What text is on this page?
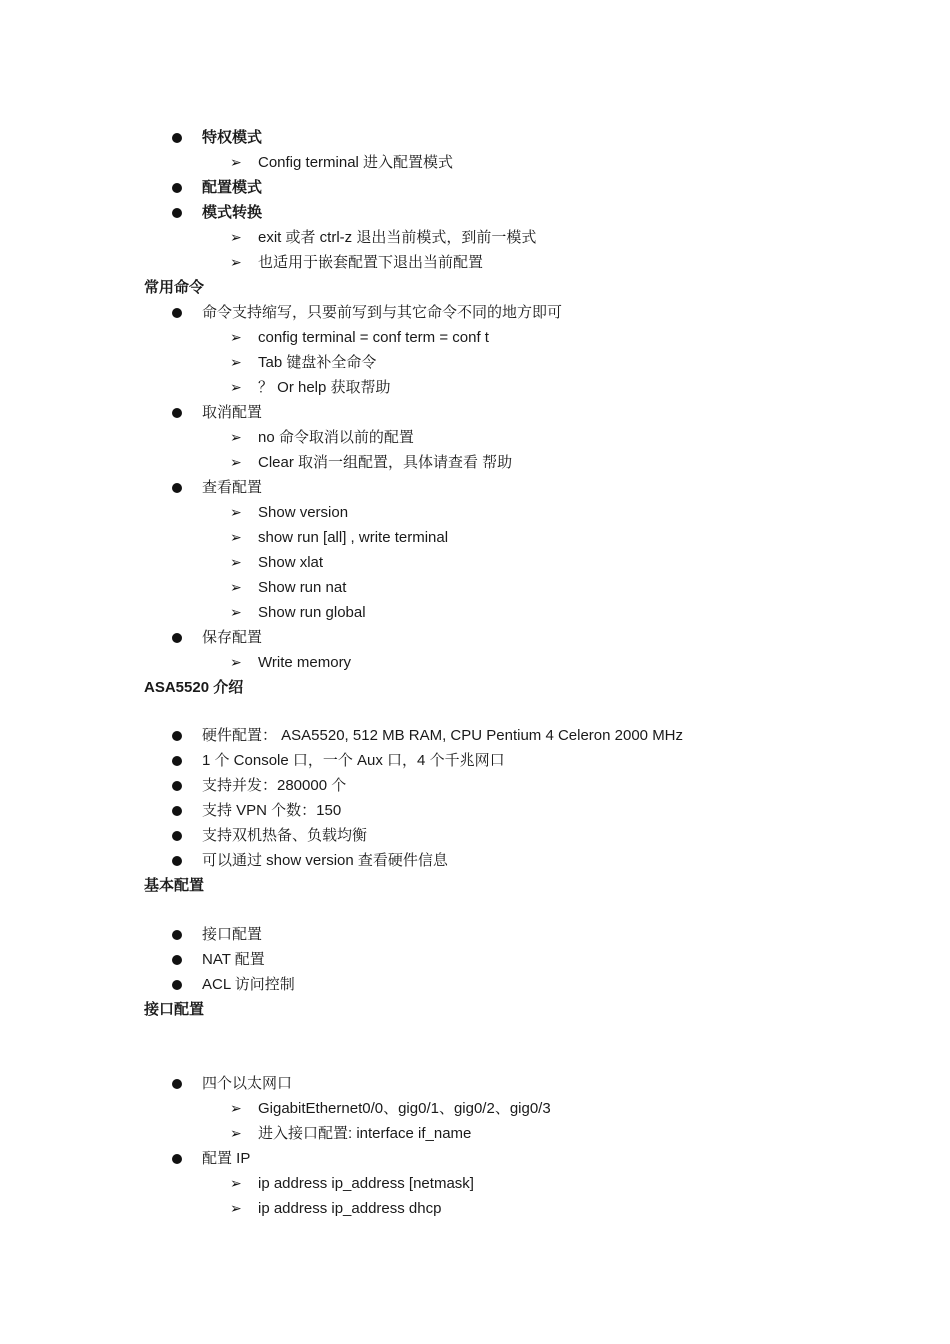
特权模式
➢ Config terminal 进入配置模式
配置模式
模式转换
➢ exit 或者 ctrl-z 退出当前模式，到前一模式
➢ 也适用于嵌套配置下退出当前配置
常用命令
命令支持缩写，只要前写到与其它命令不同的地方即可
➢ config terminal = conf term = conf t
➢ Tab 键盘补全命令
➢ ？ Or help 获取帮助
取消配置
➢ no 命令取消以前的配置
➢ Clear 取消一组配置，具体请查看 帮助
查看配置
➢ Show version
➢ show run [all] , write terminal
➢ Show xlat
➢ Show run nat
➢ Show run global
保存配置
➢ Write memory
ASA5520 介绍
硬件配置： ASA5520, 512 MB RAM, CPU Pentium 4 Celeron 2000 MHz
1 个 Console 口，一个 Aux 口，4 个千兆网口
支持并发：280000 个
支持 VPN 个数：150
支持双机热备、负载均衡
可以通过 show version 查看硬件信息
基本配置
接口配置
NAT 配置
ACL 访问控制
接口配置
四个以太网口
➢ GigabitEthernet0/0、gig0/1、gig0/2、gig0/3
➢ 进入接口配置: interface if_name
配置 IP
➢ ip address ip_address [netmask]
➢ ip address ip_address dhcp
